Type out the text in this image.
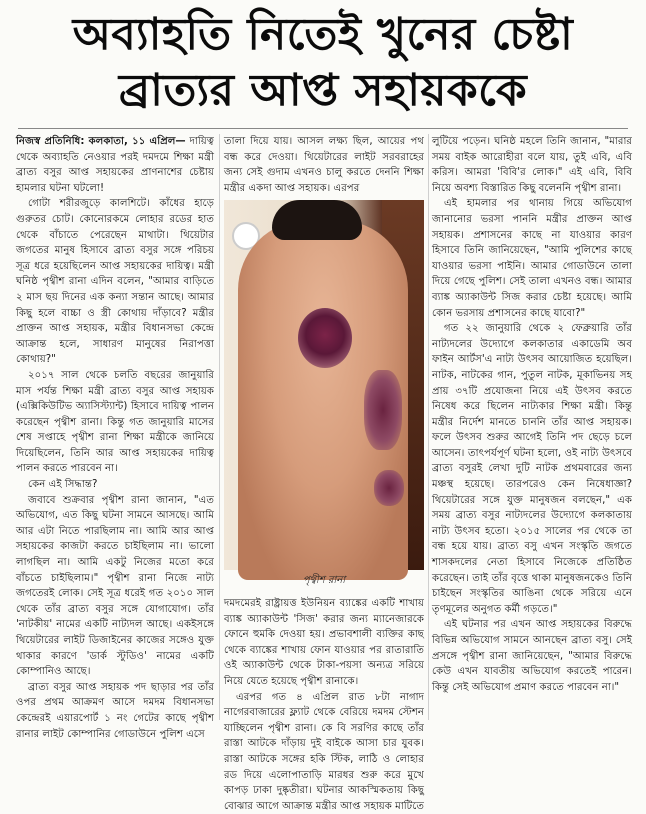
অব্যাহতি নিতেই খুনের চেষ্টা
ব্রাত্যর আপ্ত সহায়ককে

নিজস্ব প্রতিনিধি: কলকাতা, ১১ এপ্রিল— দায়িত্ব থেকে অব্যাহতি নেওয়ার পরই দমদমে শিক্ষা মন্ত্রী ব্রাত্য বসুর আপ্ত সহায়কের প্রাণনাশের চেষ্টায় হামলার ঘটনা ঘটলো!

গোটা শরীরজুড়ে কালশিটে। কাঁধের হাড়ে গুরুতর চোট। কোনোরকমে লোহার রডের হাত থেকে বাঁচাতে পেরেছেন মাথাটা। থিয়েটার জগতের মানুষ হিসাবে ব্রাত্য বসুর সঙ্গে পরিচয় সূত্র ধরে হয়েছিলেন আপ্ত সহায়কের দায়িত্ব। মন্ত্রী ঘনিষ্ঠ পৃথ্বীশ রানা এদিন বলেন, "আমার বাড়িতে ২ মাস ছয় দিনের এক কন্যা সন্তান আছে। আমার কিছু হলে বাচ্চা ও স্ত্রী কোথায় দাঁড়াবে? মন্ত্রীর প্রাক্তন আপ্ত সহায়ক, মন্ত্রীর বিধানসভা কেন্দ্রে আক্রান্ত হলে, সাধারণ মানুষের নিরাপত্তা কোথায়?"

২০১৭ সাল থেকে চলতি বছরের জানুয়ারি মাস পর্যন্ত শিক্ষা মন্ত্রী ব্রাত্য বসুর আপ্ত সহায়ক (এক্সিকিউটিভ অ্যাসিস্ট্যান্ট) হিসাবে দায়িত্ব পালন করেছেন পৃথ্বীশ রানা। কিন্তু গত জানুয়ারি মাসের শেষ সপ্তাহে পৃথ্বীশ রানা শিক্ষা মন্ত্রীকে জানিয়ে দিয়েছিলেন, তিনি আর আপ্ত সহায়কের দায়িত্ব পালন করতে পারবেন না।

কেন এই সিদ্ধান্ত?

জবাবে শুক্রবার পৃথ্বীশ রানা জানান, "এত অভিযোগ, এত কিছু ঘটনা সামনে আসছে। আমি আর এটা নিতে পারছিলাম না। আমি আর আপ্ত সহায়কের কাজটা করতে চাইছিলাম না। ভালো লাগছিল না। আমি একটু নিজের মতো করে বাঁচতে চাইছিলাম।" পৃথ্বীশ রানা নিজে নাট্য জগতেরই লোক। সেই সূত্র ধরেই গত ২০১০ সাল থেকে তাঁর ব্রাত্য বসুর সঙ্গে যোগাযোগ। তাঁর 'নাটকীয়' নামের একটি নাট্যদল আছে। একইসঙ্গে থিয়েটারের লাইট ডিজাইনের কাজের সঙ্গেও যুক্ত থাকার কারণে 'ডার্ক স্টুডিও' নামের একটি কোম্পানিও আছে।

ব্রাত্য বসুর আপ্ত সহায়ক পদ ছাড়ার পর তাঁর ওপর প্রথম আক্রমণ আসে দমদম বিধানসভা কেন্দ্রেরই এয়ারপোর্ট ১ নং গেটের কাছে পৃথ্বীশ রানার লাইট কোম্পানির গোডাউনে পুলিশ এসে

তালা দিয়ে যায়। আসল লক্ষ্য ছিল, আয়ের পথ বন্ধ করে দেওয়া। থিয়েটারের লাইট সরবরাহের জন্য সেই গুদাম এখনও চালু করতে দেননি শিক্ষা মন্ত্রীর একদা আপ্ত সহায়ক। এরপর

পৃথ্বীশ রানা

দমদমেরই রাষ্ট্রায়ত্ত ইউনিয়ন ব্যাঙ্কের একটি শাখায় ব্যাঙ্ক অ্যাকাউন্ট 'সিজ' করার জন্য ম্যানেজারকে ফোনে হুমকি দেওয়া হয়। প্রভাবশালী ব্যক্তির কাছ থেকে ব্যাঙ্কের শাখায় ফোন যাওয়ার পর রাতারাতি ওই অ্যাকাউন্ট থেকে টাকা-পয়সা অন্যত্র সরিয়ে নিয়ে যেতে হয়েছে পৃথ্বীশ রানাকে।

এরপর গত ৪ এপ্রিল রাত ৮টা নাগাদ নাগেরবাজারের ফ্ল্যাট থেকে বেরিয়ে দমদম স্টেশন যাচ্ছিলেন পৃথ্বীশ রানা। কে বি সরণির কাছে তাঁর রাস্তা আটকে দাঁড়ায় দুই বাইকে আসা চার যুবক। রাস্তা আটকে সঙ্গের হকি স্টিক, লাঠি ও লোহার রড দিয়ে এলোপাতাড়ি মারধর শুরু করে মুখে কাপড় ঢাকা দুষ্কৃতীরা। ঘটনার আকস্মিকতায় কিছু বোঝার আগে আক্রান্ত মন্ত্রীর আপ্ত সহায়ক মাটিতে

লুটিয়ে পড়েন। ঘনিষ্ঠ মহলে তিনি জানান, "মারার সময় বাইক আরোহীরা বলে যায়, তুই এবি, এবি করিস। আমরা 'বিবি'র লোক।" এই এবি, বিবি নিয়ে অবশ্য বিস্তারিত কিছু বলেননি পৃথ্বীশ রানা।

এই হামলার পর থানায় গিয়ে অভিযোগ জানানোর ভরসা পাননি মন্ত্রীর প্রাক্তন আপ্ত সহায়ক। প্রশাসনের কাছে না যাওয়ার কারণ হিসাবে তিনি জানিয়েছেন, "আমি পুলিশের কাছে যাওয়ার ভরসা পাইনি। আমার গোডাউনে তালা দিয়ে গেছে পুলিশ। সেই তালা এখনও বন্ধ। আমার ব্যাঙ্ক অ্যাকাউন্ট সিজ করার চেষ্টা হয়েছে। আমি কোন ভরসায় প্রশাসনের কাছে যাবো?"

গত ২২ জানুয়ারি থেকে ২ ফেব্রুয়ারি তাঁর নাট্যদলের উদ্যোগে কলকাতার একাডেমি অব ফাইন আর্টস'এ নাট্য উৎসব আয়োজিত হয়েছিল। নাটক, নাটকের গান, পুতুল নাটক, মূকাভিনয় সহ প্রায় ৩৭টি প্রযোজনা নিয়ে এই উৎসব করতে নিষেধ করে ছিলেন নাট্যকার শিক্ষা মন্ত্রী। কিন্তু মন্ত্রীর নির্দেশ মানতে চাননি তাঁর আপ্ত সহায়ক। ফলে উৎসব শুরুর আগেই তিনি পদ ছেড়ে চলে আসেন। তাৎপর্যপূর্ণ ঘটনা হলো, ওই নাট্য উৎসবে ব্রাত্য বসুরই লেখা দুটি নাটক প্রথমবারের জন্য মঞ্চস্থ হয়েছে। তারপরেও কেন নিষেধাজ্ঞা? থিয়েটারের সঙ্গে যুক্ত মানুষজন বলছেন," এক সময় ব্রাত্য বসুর নাট্যদলের উদ্যোগে কলকাতায় নাট্য উৎসব হতো। ২০১৫ সালের পর থেকে তা বন্ধ হয়ে যায়। ব্রাত্য বসু এখন সংস্কৃতি জগতে শাসকদলের নেতা হিসাবে নিজেকে প্রতিষ্ঠিত করেছেন। তাই তাঁর বৃত্তে থাকা মানুষজনকেও তিনি চাইছেন সংস্কৃতির আঙিনা থেকে সরিয়ে এনে তৃণমূলের অনুগত কর্মী গড়তে।"

এই ঘটনার পর এখন আপ্ত সহায়কের বিরুদ্ধে বিভিন্ন অভিযোগ সামনে আনছেন ব্রাত্য বসু। সেই প্রসঙ্গে পৃথ্বীশ রানা জানিয়েছেন, "আমার বিরুদ্ধে কেউ এখন যাবতীয় অভিযোগ করতেই পারেন। কিন্তু সেই অভিযোগ প্রমাণ করতে পারবেন না।"
